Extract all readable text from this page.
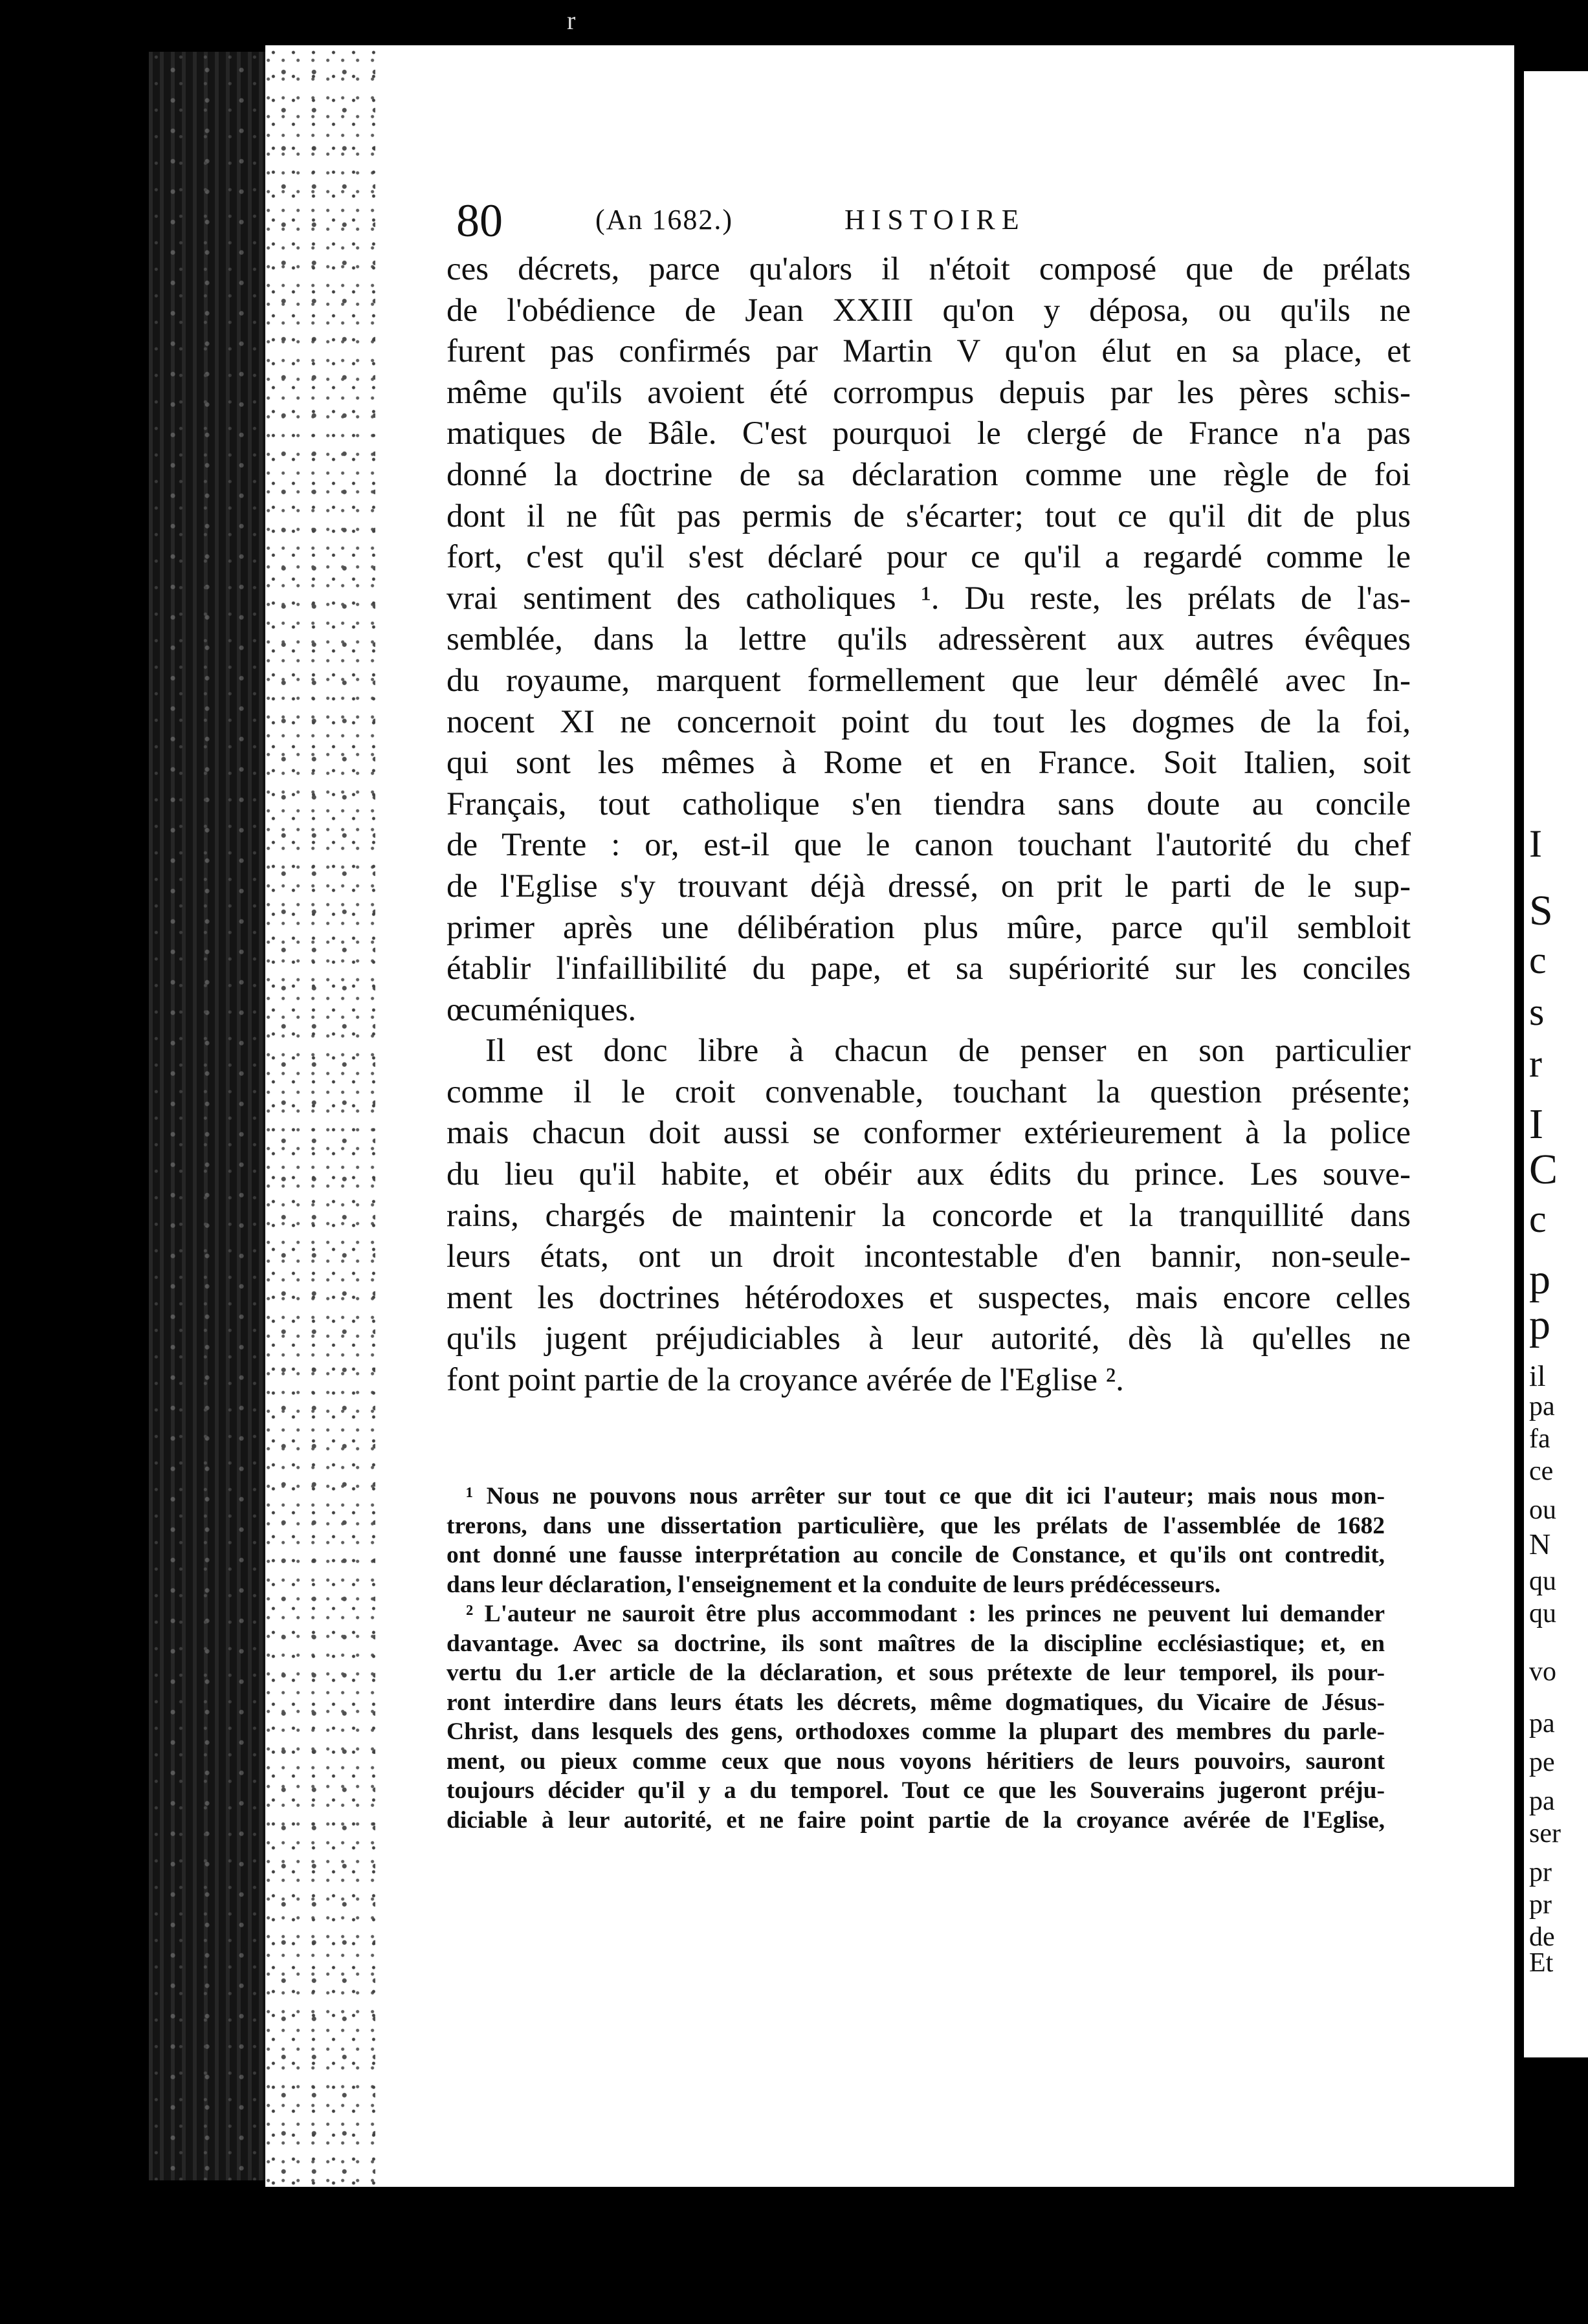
r
I
S
c
s
r
I
C
c
p
p
il
pa
fa
ce
ou
N
qu
qu
vo
pa
pe
pa
ser
pr
pr
de
Et
80	(An 1682.)	HISTOIRE
ces décrets, parce qu'alors il n'étoit composé que de prélats
de l'obédience de Jean XXIII qu'on y déposa, ou qu'ils ne
furent pas confirmés par Martin V qu'on élut en sa place, et
même qu'ils avoient été corrompus depuis par les pères schis-
matiques de Bâle. C'est pourquoi le clergé de France n'a pas
donné la doctrine de sa déclaration comme une règle de foi
dont il ne fût pas permis de s'écarter; tout ce qu'il dit de plus
fort, c'est qu'il s'est déclaré pour ce qu'il a regardé comme le
vrai sentiment des catholiques ¹. Du reste, les prélats de l'as-
semblée, dans la lettre qu'ils adressèrent aux autres évêques
du royaume, marquent formellement que leur démêlé avec In-
nocent XI ne concernoit point du tout les dogmes de la foi,
qui sont les mêmes à Rome et en France. Soit Italien, soit
Français, tout catholique s'en tiendra sans doute au concile
de Trente : or, est-il que le canon touchant l'autorité du chef
de l'Eglise s'y trouvant déjà dressé, on prit le parti de le sup-
primer après une délibération plus mûre, parce qu'il sembloit
établir l'infaillibilité du pape, et sa supériorité sur les conciles
œcuméniques.
Il est donc libre à chacun de penser en son particulier
comme il le croit convenable, touchant la question présente;
mais chacun doit aussi se conformer extérieurement à la police
du lieu qu'il habite, et obéir aux édits du prince. Les souve-
rains, chargés de maintenir la concorde et la tranquillité dans
leurs états, ont un droit incontestable d'en bannir, non-seule-
ment les doctrines hétérodoxes et suspectes, mais encore celles
qu'ils jugent préjudiciables à leur autorité, dès là qu'elles ne
font point partie de la croyance avérée de l'Eglise ².
¹ Nous ne pouvons nous arrêter sur tout ce que dit ici l'auteur; mais nous mon-
trerons, dans une dissertation particulière, que les prélats de l'assemblée de 1682
ont donné une fausse interprétation au concile de Constance, et qu'ils ont contredit,
dans leur déclaration, l'enseignement et la conduite de leurs prédécesseurs.
² L'auteur ne sauroit être plus accommodant : les princes ne peuvent lui demander
davantage. Avec sa doctrine, ils sont maîtres de la discipline ecclésiastique; et, en
vertu du 1.er article de la déclaration, et sous prétexte de leur temporel, ils pour-
ront interdire dans leurs états les décrets, même dogmatiques, du Vicaire de Jésus-
Christ, dans lesquels des gens, orthodoxes comme la plupart des membres du parle-
ment, ou pieux comme ceux que nous voyons héritiers de leurs pouvoirs, sauront
toujours décider qu'il y a du temporel. Tout ce que les Souverains jugeront préju-
diciable à leur autorité, et ne faire point partie de la croyance avérée de l'Eglise,
